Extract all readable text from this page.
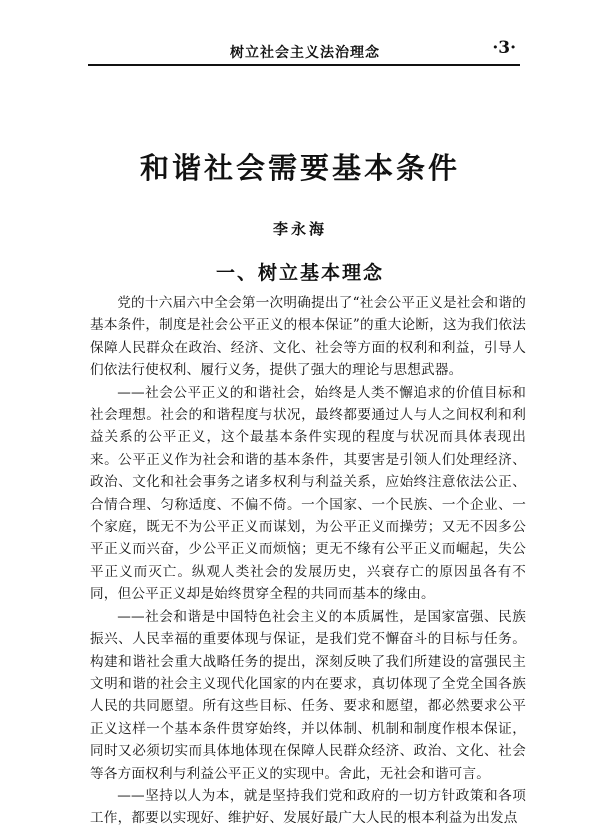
树立社会主义法治理念	·3·
和谐社会需要基本条件
李永海
一、树立基本理念

党的十六届六中全会第一次明确提出了“社会公平正义是社会和谐的基本条件，制度是社会公平正义的根本保证”的重大论断，这为我们依法保障人民群众在政治、经济、文化、社会等方面的权利和利益，引导人们依法行使权利、履行义务，提供了强大的理论与思想武器。

——社会公平正义的和谐社会，始终是人类不懈追求的价值目标和社会理想。社会的和谐程度与状况，最终都要通过人与人之间权利和利益关系的公平正义，这个最基本条件实现的程度与状况而具体表现出来。公平正义作为社会和谐的基本条件，其要害是引领人们处理经济、政治、文化和社会事务之诸多权利与利益关系，应始终注意依法公正、合情合理、匀称适度、不偏不倚。一个国家、一个民族、一个企业、一个家庭，既无不为公平正义而谋划，为公平正义而操劳；又无不因多公平正义而兴奋，少公平正义而烦恼；更无不缘有公平正义而崛起，失公平正义而灭亡。纵观人类社会的发展历史，兴衰存亡的原因虽各有不同，但公平正义却是始终贯穿全程的共同而基本的缘由。

——社会和谐是中国特色社会主义的本质属性，是国家富强、民族振兴、人民幸福的重要体现与保证，是我们党不懈奋斗的目标与任务。构建和谐社会重大战略任务的提出，深刻反映了我们所建设的富强民主文明和谐的社会主义现代化国家的内在要求，真切体现了全党全国各族人民的共同愿望。所有这些目标、任务、要求和愿望，都必然要求公平正义这样一个基本条件贯穿始终，并以体制、机制和制度作根本保证，同时又必须切实而具体地体现在保障人民群众经济、政治、文化、社会等各方面权利与利益公平正义的实现中。舍此，无社会和谐可言。

——坚持以人为本，就是坚持我们党和政府的一切方针政策和各项工作，都要以实现好、维护好、发展好最广大人民的根本利益为出发点
